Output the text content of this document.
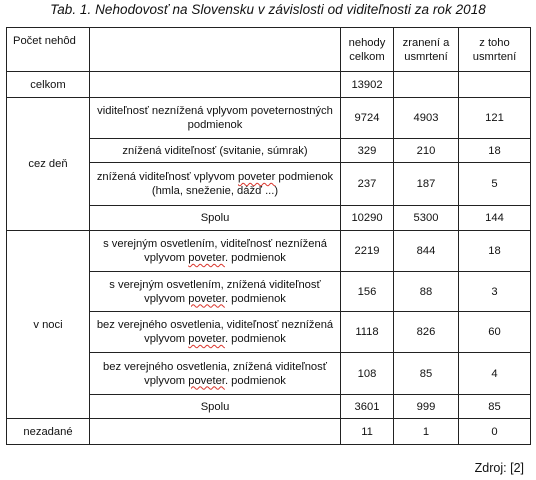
Tab. 1. Nehodovosť na Slovensku v závislosti od viditeľnosti za rok 2018
Počet nehôd		nehody celkom	zranení a usmrtení	z toho usmrtení
celkom		13902		
cez deň	viditeľnosť neznížená vplyvom poveternostných podmienok	9724	4903	121
	znížená viditeľnosť (svitanie, súmrak)	329	210	18
	znížená viditeľnosť vplyvom poveter podmienok (hmla, sneženie, dážď ...)	237	187	5
	Spolu	10290	5300	144
v noci	s verejným osvetlením, viditeľnosť neznížená vplyvom poveter. podmienok	2219	844	18
	s verejným osvetlením, znížená viditeľnosť vplyvom poveter. podmienok	156	88	3
	bez verejného osvetlenia, viditeľnosť neznížená vplyvom poveter. podmienok	1118	826	60
	bez verejného osvetlenia, znížená viditeľnosť vplyvom poveter. podmienok	108	85	4
	Spolu	3601	999	85
nezadané		11	1	0
Zdroj: [2]
